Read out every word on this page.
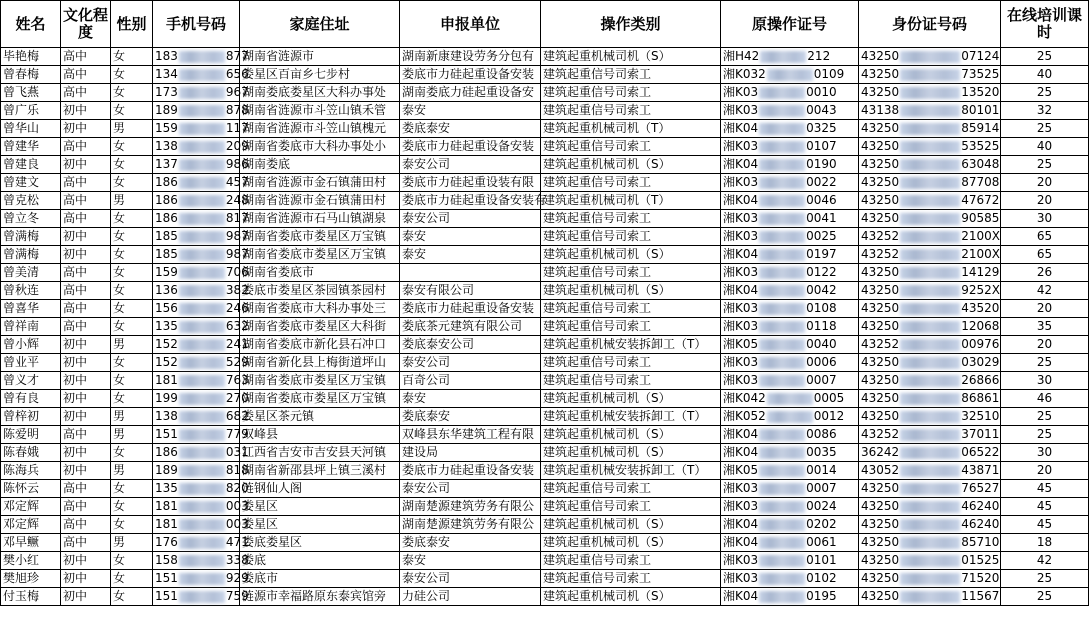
姓名	文化程度	性别	手机号码	家庭住址	申报单位	操作类别	原操作证号	身份证号码	在线培训课时
毕艳梅	高中	女	183 877	湖南省涟源市	湖南新康建设劳务分包有	建筑起重机械司机（S）	湘H42 212	43250 07124	25
曾春梅	高中	女	134 656	娄星区百亩乡七步村	娄底市力硅起重设备安装	建筑起重信号司索工	湘K032 0109	43250 73525	40
曾飞燕	高中	女	173 967	湖南娄底娄星区大科办事处	湖南娄底力硅起重设备安	建筑起重信号司索工	湘K03 0010	43250 13520	25
曾广乐	初中	女	189 878	湖南省涟源市斗笠山镇禾管	泰安	建筑起重信号司索工	湘K03 0043	43138 80101	32
曾华山	初中	男	159 117	湖南省涟源市斗笠山镇槐元	娄底泰安	建筑起重机械司机（T）	湘K04 0325	43250 85914	25
曾建华	高中	女	138 209	湖南省娄底市大科办事处小	娄底市力硅起重设备安装	建筑起重信号司索工	湘K03 0107	43250 53525	40
曾建良	初中	女	137 986	湖南娄底	泰安公司	建筑起重机械司机（S）	湘K04 0190	43250 63048	25
曾建文	高中	女	186 457	湖南省涟源市金石镇蒲田村	娄底市力硅起重设装有限	建筑起重信号司索工	湘K03 0022	43250 87708	20
曾克松	高中	男	186 248	湖南省涟源市金石镇蒲田村	娄底市力硅起重设备安装有	建筑起重机械司机（T）	湘K04 0046	43250 47672	20
曾立冬	高中	女	186 817	湖南省涟源市石马山镇湖泉	泰安公司	建筑起重信号司索工	湘K03 0041	43250 90585	30
曾满梅	初中	女	185 987	湖南省娄底市娄星区万宝镇	泰安	建筑起重信号司索工	湘K03 0025	43252 2100X	65
曾满梅	初中	女	185 987	湖南省娄底市娄星区万宝镇	泰安	建筑起重机械司机（S）	湘K04 0197	43252 2100X	65
曾美清	高中	女	159 706	湖南省娄底市		建筑起重信号司索工	湘K03 0122	43250 14129	26
曾秋连	高中	女	136 382	娄底市娄星区茶园镇茶园村	泰安有限公司	建筑起重机械司机（S）	湘K04 0042	43250 9252X	42
曾喜华	高中	女	156 246	湖南省娄底市大科办事处三	娄底市力硅起重设备安装	建筑起重信号司索工	湘K03 0108	43250 43520	20
曾祥南	高中	女	135 632	湖南省娄底市娄星区大科街	娄底茶元建筑有限公司	建筑起重信号司索工	湘K03 0118	43250 12068	35
曾小辉	初中	男	152 241	湖南省娄底市新化县石冲口	娄底泰安公司	建筑起重机械安装拆卸工（T）	湘K05 0040	43252 00976	20
曾业平	初中	女	152 529	湖南省新化县上梅街道坪山	泰安公司	建筑起重信号司索工	湘K03 0006	43250 03029	25
曾义才	初中	女	181 763	湖南省娄底市娄星区万宝镇	百奇公司	建筑起重信号司索工	湘K03 0007	43250 26866	30
曾有良	初中	女	199 270	湖南省娄底市娄星区万宝镇	泰安	建筑起重机械司机（S）	湘K042 0005	43250 86861	46
曾梓初	初中	男	138 682	娄星区茶元镇	娄底泰安	建筑起重机械安装拆卸工（T）	湘K052 0012	43250 32510	25
陈爱明	高中	男	151 779	双峰县	双峰县东华建筑工程有限	建筑起重机械司机（S）	湘K04 0086	43252 37011	25
陈春娥	初中	女	186 031	江西省吉安市吉安县天河镇	建设局	建筑起重机械司机（S）	湘K04 0035	36242 06522	30
陈海兵	初中	男	189 818	湖南省新邵县坪上镇三溪村	娄底市力硅起重设备安装	建筑起重机械安装拆卸工（T）	湘K05 0014	43052 43871	20
陈怀云	高中	女	135 820	涟钢仙人阁	泰安公司	建筑起重信号司索工	湘K03 0007	43250 76527	45
邓定辉	高中	女	181 003	娄星区	湖南楚源建筑劳务有限公	建筑起重信号司索工	湘K03 0024	43250 46240	45
邓定辉	高中	女	181 003	娄星区	湖南楚源建筑劳务有限公	建筑起重机械司机（S）	湘K04 0202	43250 46240	45
邓早鳜	高中	男	176 471	娄底娄星区	娄底泰安	建筑起重机械司机（S）	湘K04 0061	43250 85710	18
樊小红	初中	女	158 338	娄底	泰安	建筑起重信号司索工	湘K03 0101	43250 01525	42
樊旭珍	初中	女	151 929	娄底市	泰安公司	建筑起重信号司索工	湘K03 0102	43250 71520	25
付玉梅	初中	女	151 759	涟源市幸福路原东泰宾馆旁	力硅公司	建筑起重机械司机（S）	湘K04 0195	43250 11567	25
